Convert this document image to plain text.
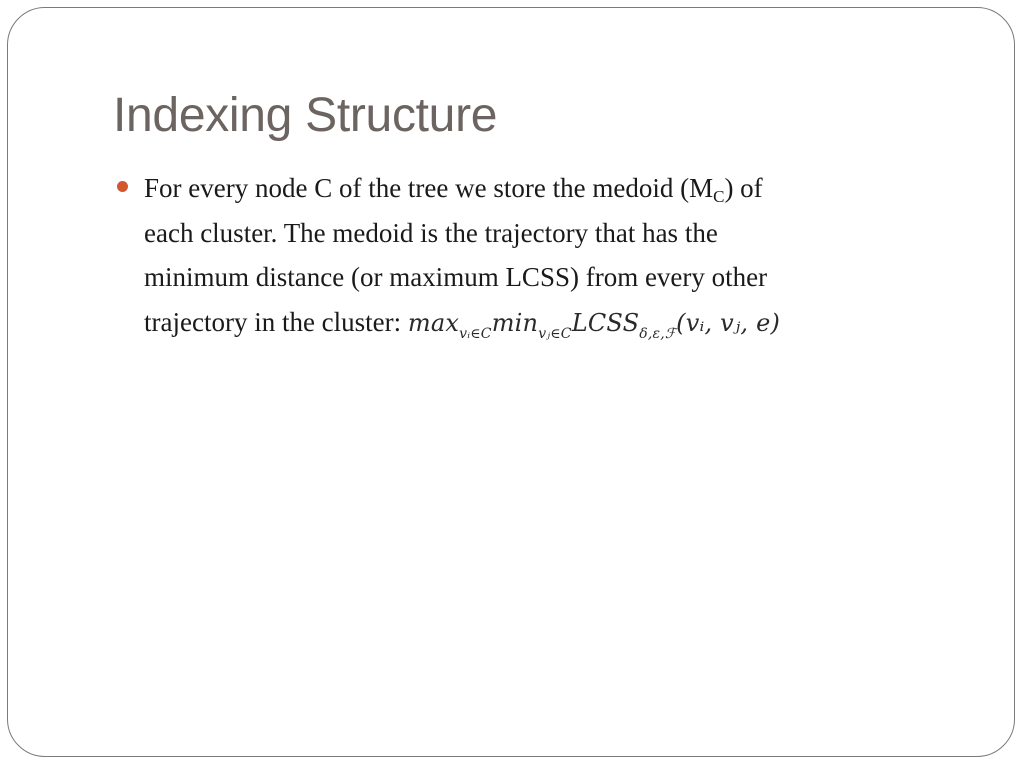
Indexing Structure
For every node C of the tree we store the medoid $(M_C)$ of
each cluster. The medoid is the trajectory that has the
minimum distance (or maximum LCSS) from every other
trajectory in the cluster: $\max_{vᵢ\in C}\min_{vⱼ\in C}LCSS_{\delta,\varepsilon,ℱ}(vᵢ$, vⱼ, e)
